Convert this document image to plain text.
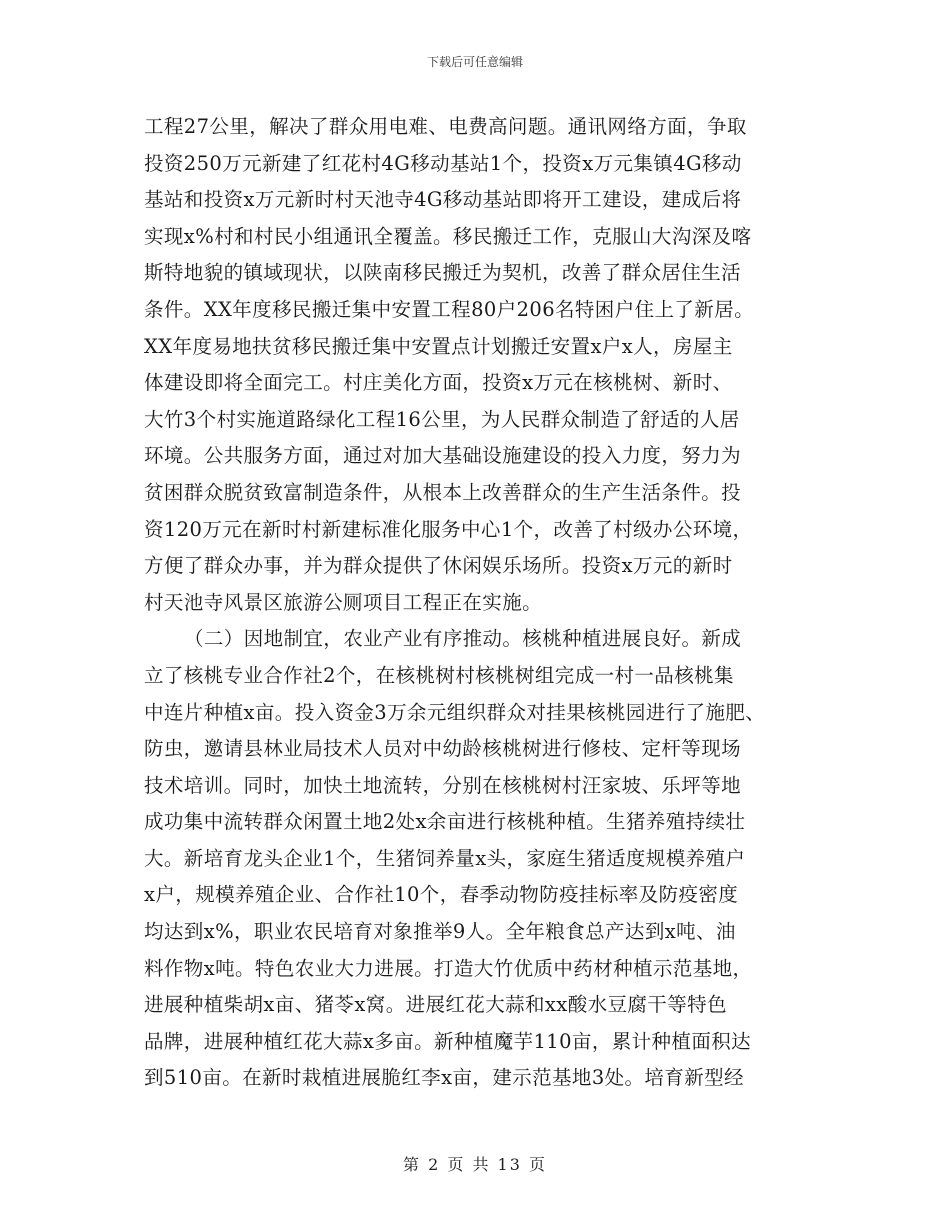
下载后可任意编辑
工程27公里，解决了群众用电难、电费高问题。通讯网络方面，争取
投资250万元新建了红花村4G移动基站1个，投资x万元集镇4G移动
基站和投资x万元新时村天池寺4G移动基站即将开工建设，建成后将
实现x%村和村民小组通讯全覆盖。移民搬迁工作，克服山大沟深及喀
斯特地貌的镇域现状，以陕南移民搬迁为契机，改善了群众居住生活
条件。XX年度移民搬迁集中安置工程80户206名特困户住上了新居。
XX年度易地扶贫移民搬迁集中安置点计划搬迁安置x户x人，房屋主
体建设即将全面完工。村庄美化方面，投资x万元在核桃树、新时、
大竹3个村实施道路绿化工程16公里，为人民群众制造了舒适的人居
环境。公共服务方面，通过对加大基础设施建设的投入力度，努力为
贫困群众脱贫致富制造条件，从根本上改善群众的生产生活条件。投
资120万元在新时村新建标准化服务中心1个，改善了村级办公环境，
方便了群众办事，并为群众提供了休闲娱乐场所。投资x万元的新时
村天池寺风景区旅游公厕项目工程正在实施。
（二）因地制宜，农业产业有序推动。核桃种植进展良好。新成
立了核桃专业合作社2个，在核桃树村核桃树组完成一村一品核桃集
中连片种植x亩。投入资金3万余元组织群众对挂果核桃园进行了施肥、
防虫，邀请县林业局技术人员对中幼龄核桃树进行修枝、定杆等现场
技术培训。同时，加快土地流转，分别在核桃树村汪家坡、乐坪等地
成功集中流转群众闲置土地2处x余亩进行核桃种植。生猪养殖持续壮
大。新培育龙头企业1个，生猪饲养量x头，家庭生猪适度规模养殖户
x户，规模养殖企业、合作社10个，春季动物防疫挂标率及防疫密度
均达到x%，职业农民培育对象推举9人。全年粮食总产达到x吨、油
料作物x吨。特色农业大力进展。打造大竹优质中药材种植示范基地，
进展种植柴胡x亩、猪苓x窝。进展红花大蒜和xx酸水豆腐干等特色
品牌，进展种植红花大蒜x多亩。新种植魔芋110亩，累计种植面积达
到510亩。在新时栽植进展脆红李x亩，建示范基地3处。培育新型经
第 2 页 共 13 页
